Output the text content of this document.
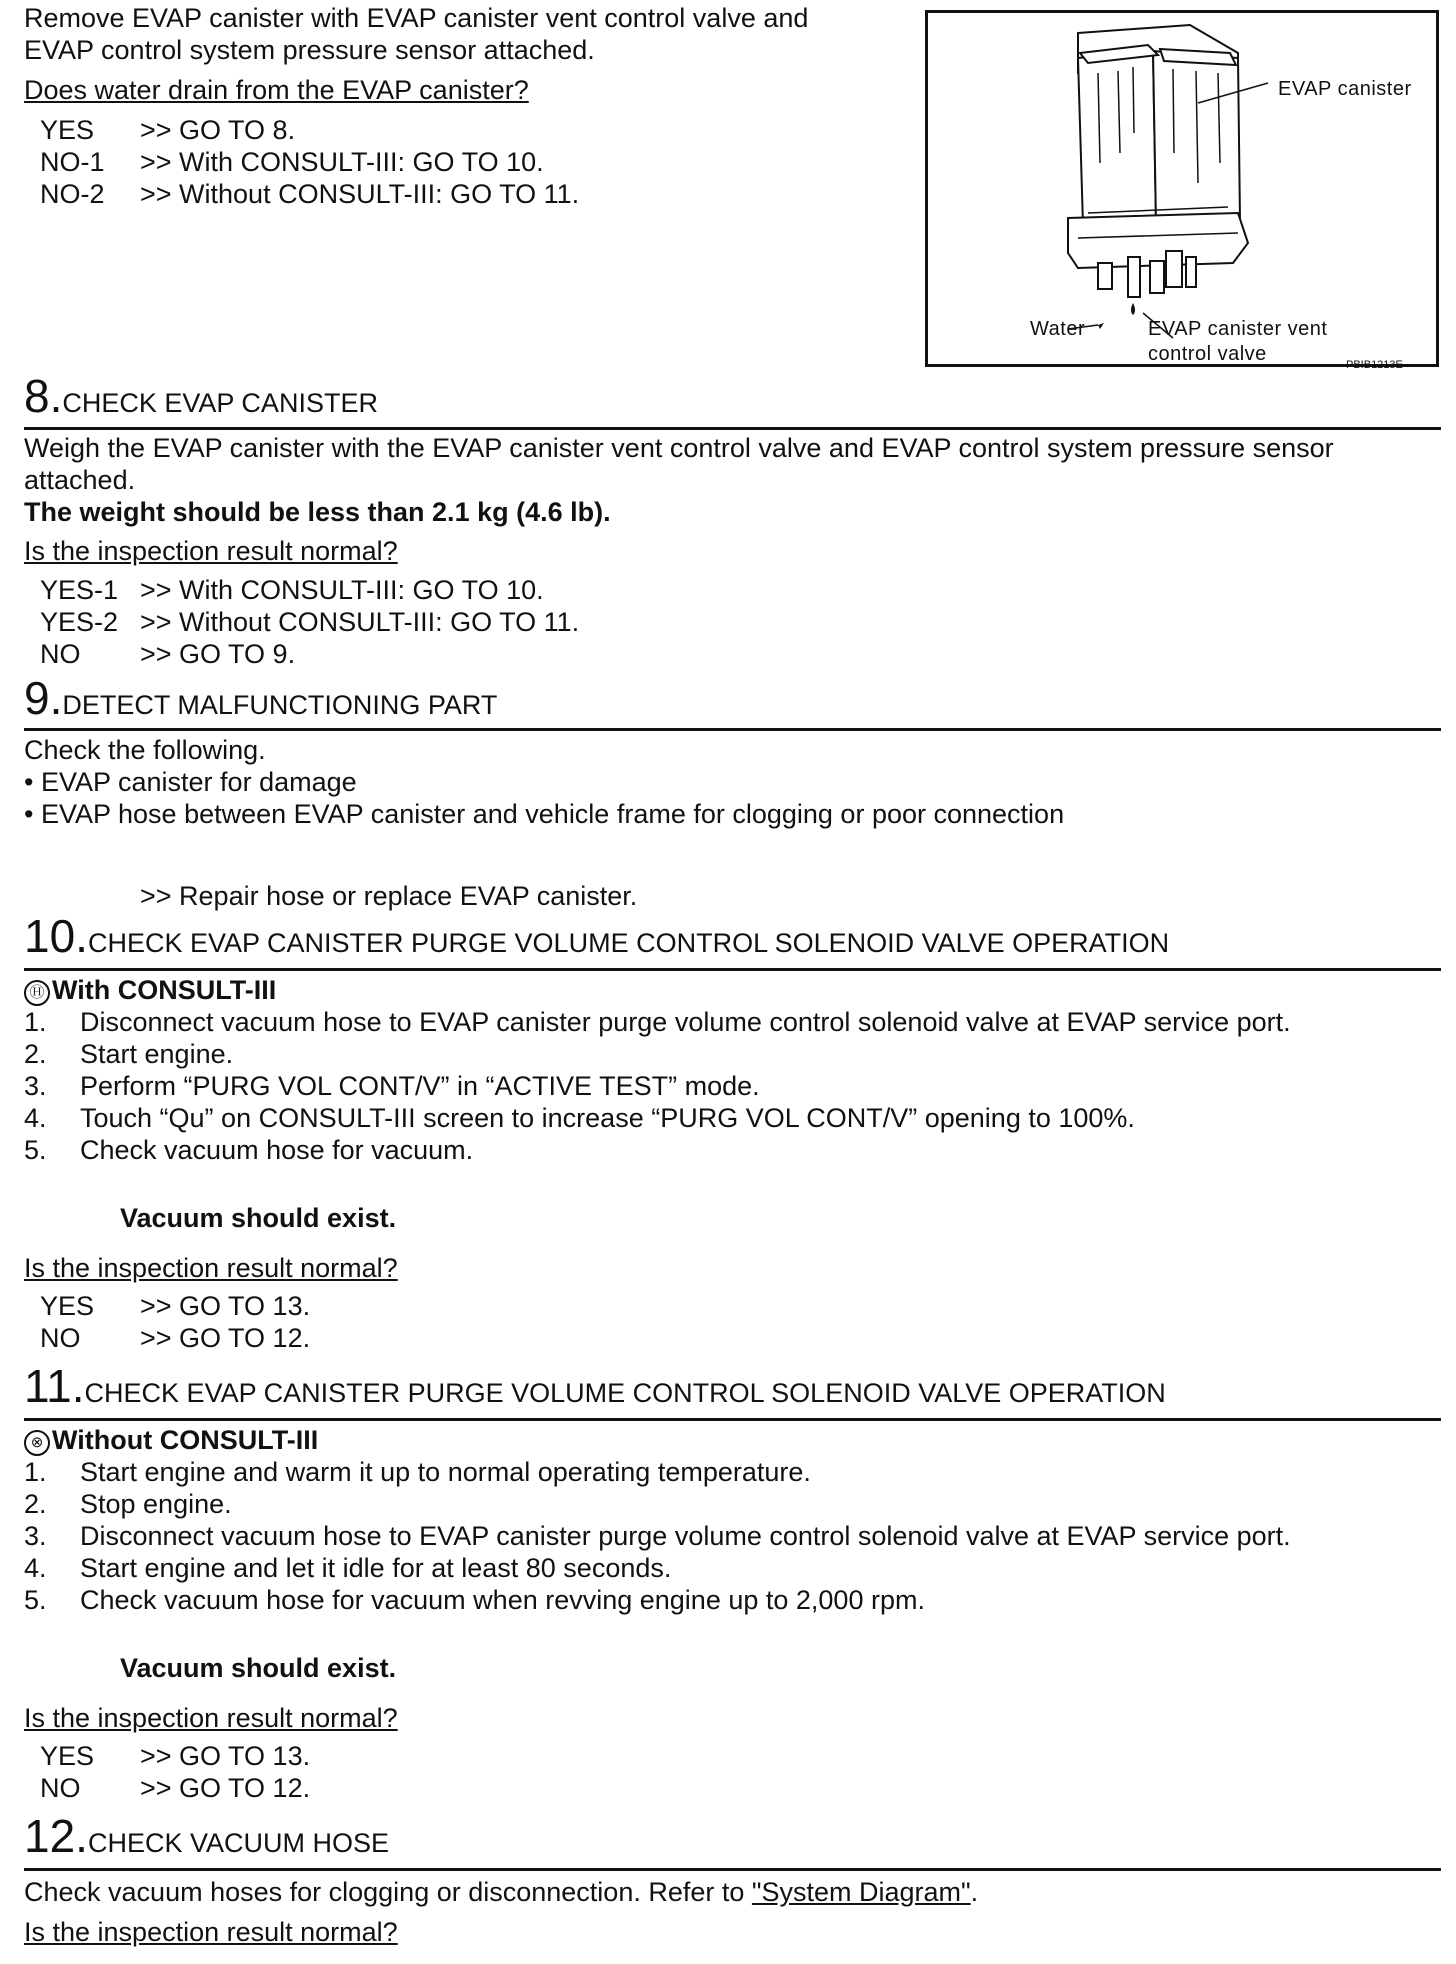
Remove EVAP canister with EVAP canister vent control valve and
EVAP control system pressure sensor attached.
Does water drain from the EVAP canister?
YES >> GO TO 8.
NO-1 >> With CONSULT-III: GO TO 10.
NO-2 >> Without CONSULT-III: GO TO 11.
EVAP canister
Water	EVAP canister vent
control valve	PBIB1213E
8.CHECK EVAP CANISTER
Weigh the EVAP canister with the EVAP canister vent control valve and EVAP control system pressure sensor
attached.
The weight should be less than 2.1 kg (4.6 lb).
Is the inspection result normal?
YES-1 >> With CONSULT-III: GO TO 10.
YES-2 >> Without CONSULT-III: GO TO 11.
NO >> GO TO 9.
9.DETECT MALFUNCTIONING PART
Check the following.
• EVAP canister for damage
• EVAP hose between EVAP canister and vehicle frame for clogging or poor connection
>> Repair hose or replace EVAP canister.
10.CHECK EVAP CANISTER PURGE VOLUME CONTROL SOLENOID VALVE OPERATION
Ⓗ With CONSULT-III
1. Disconnect vacuum hose to EVAP canister purge volume control solenoid valve at EVAP service port.
2. Start engine.
3. Perform “PURG VOL CONT/V” in “ACTIVE TEST” mode.
4. Touch “Qu” on CONSULT-III screen to increase “PURG VOL CONT/V” opening to 100%.
5. Check vacuum hose for vacuum.
Vacuum should exist.
Is the inspection result normal?
YES >> GO TO 13.
NO >> GO TO 12.
11.CHECK EVAP CANISTER PURGE VOLUME CONTROL SOLENOID VALVE OPERATION
⊗ Without CONSULT-III
1. Start engine and warm it up to normal operating temperature.
2. Stop engine.
3. Disconnect vacuum hose to EVAP canister purge volume control solenoid valve at EVAP service port.
4. Start engine and let it idle for at least 80 seconds.
5. Check vacuum hose for vacuum when revving engine up to 2,000 rpm.
Vacuum should exist.
Is the inspection result normal?
YES >> GO TO 13.
NO >> GO TO 12.
12.CHECK VACUUM HOSE
Check vacuum hoses for clogging or disconnection. Refer to "System Diagram".
Is the inspection result normal?
